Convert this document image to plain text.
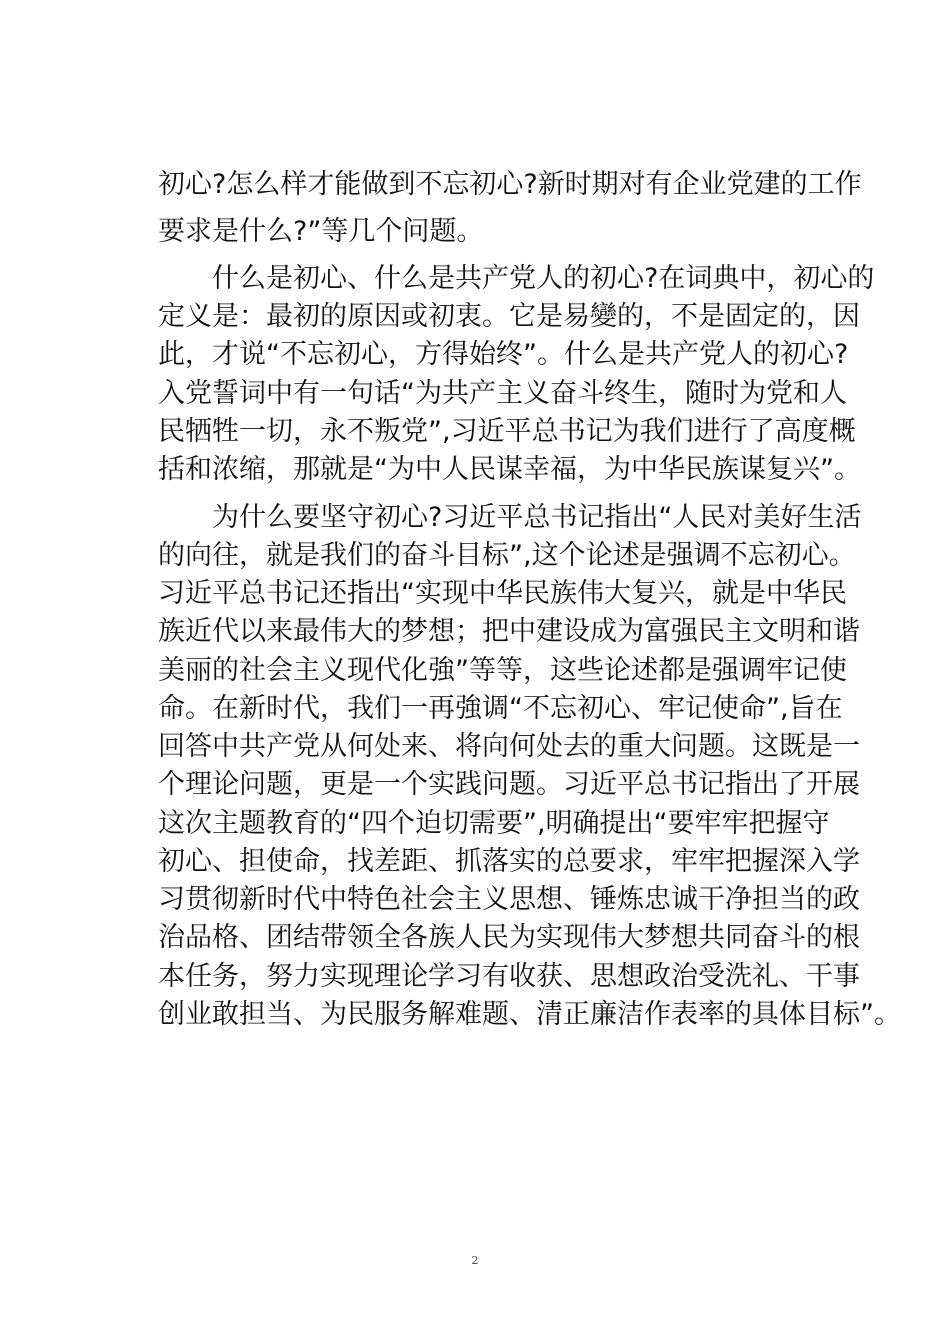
初心?怎么样才能做到不忘初心?新时期对有企业党建的工作
要求是什么?”等几个问题。
什么是初心、什么是共产党人的初心?在词典中，初心的
定义是：最初的原因或初衷。它是易變的，不是固定的，因
此，才说“不忘初心，方得始终”。什么是共产党人的初心?
入党誓词中有一句话“为共产主义奋斗终生，随时为党和人
民牺牲一切，永不叛党”,习近平总书记为我们进行了高度概
括和浓缩，那就是“为中人民谋幸福，为中华民族谋复兴”。
为什么要坚守初心?习近平总书记指出“人民对美好生活
的向往，就是我们的奋斗目标”,这个论述是强调不忘初心。
习近平总书记还指出“实现中华民族伟大复兴，就是中华民
族近代以来最伟大的梦想；把中建设成为富强民主文明和谐
美丽的社会主义现代化強”等等，这些论述都是强调牢记使
命。在新时代，我们一再強调“不忘初心、牢记使命”,旨在
回答中共产党从何处来、将向何处去的重大问题。这既是一
个理论问题，更是一个实践问题。习近平总书记指出了开展
这次主题教育的“四个迫切需要”,明确提出“要牢牢把握守
初心、担使命，找差距、抓落实的总要求，牢牢把握深入学
习贯彻新时代中特色社会主义思想、锤炼忠诚干净担当的政
治品格、团结带领全各族人民为实现伟大梦想共同奋斗的根
本任务，努力实现理论学习有收获、思想政治受洗礼、干事
创业敢担当、为民服务解难题、清正廉洁作表率的具体目标”。
2
